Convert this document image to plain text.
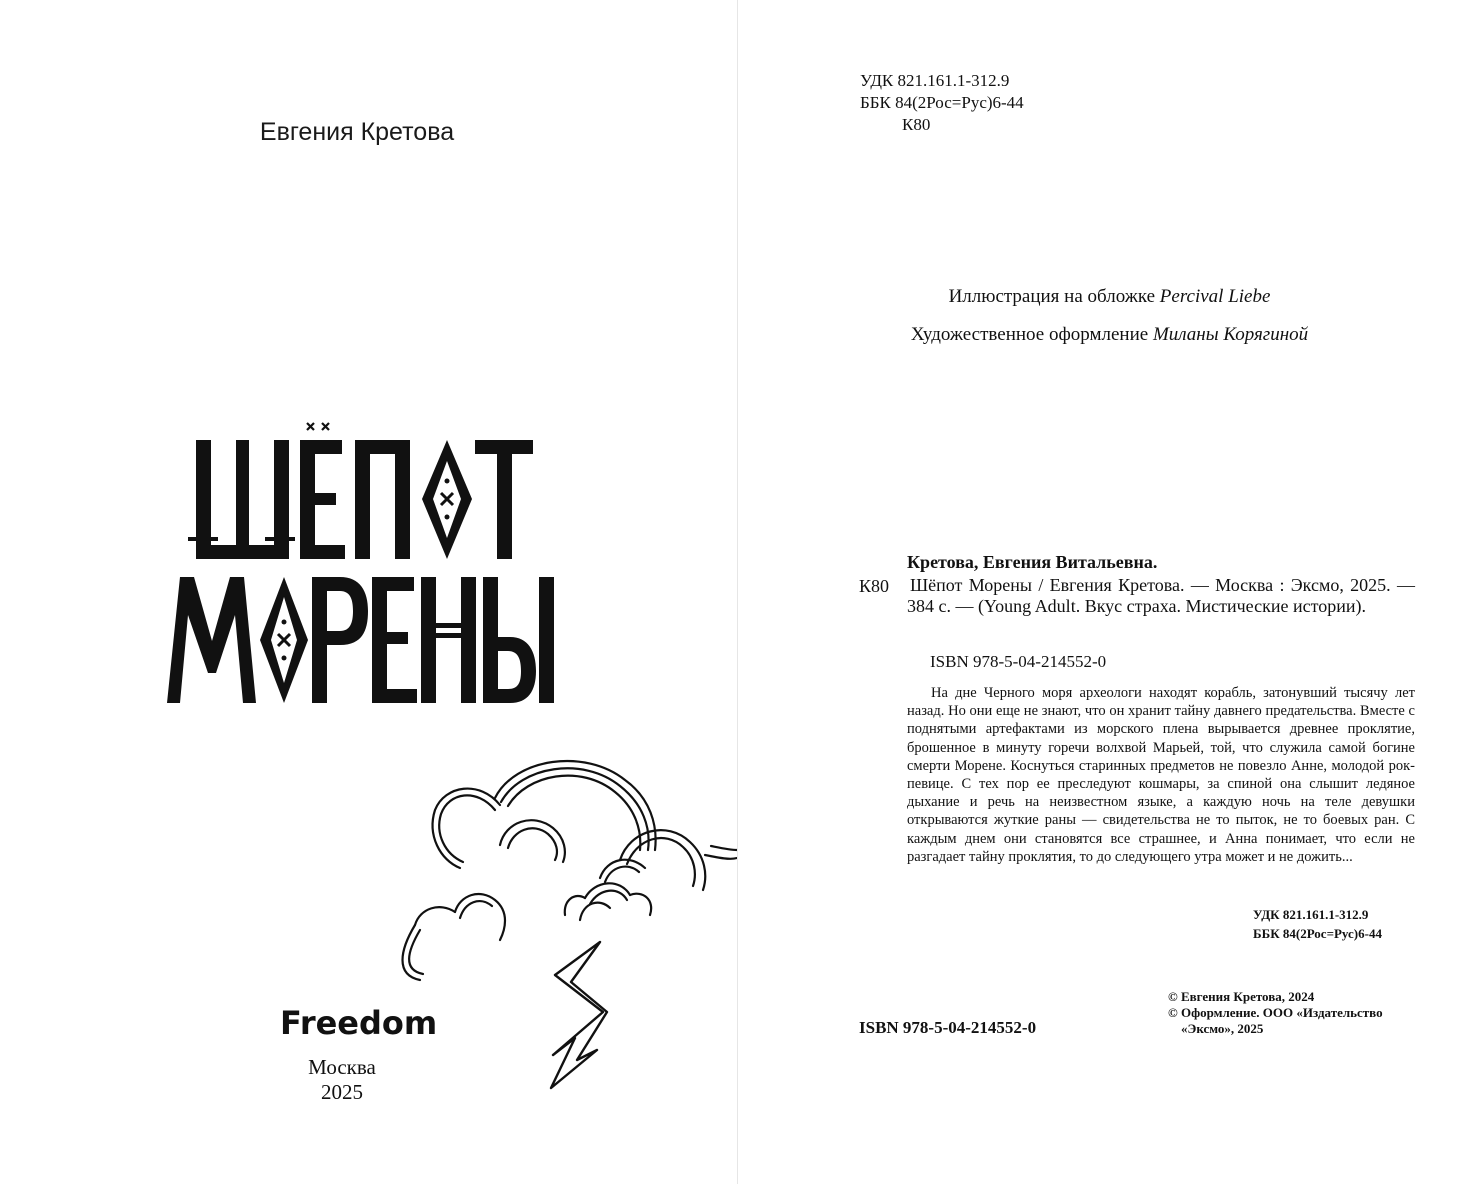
Евгения Кретова

Freedom

Москва

2025

УДК 821.161.1-312.9

ББК 84(2Рос=Рус)6-44

К80

Иллюстрация на обложке Percival Liebe

Художественное оформление Миланы Корягиной

Кретова, Евгения Витальевна.

К80 Шёпот Морены / Евгения Кретова. — Москва : Эксмо, 2025. — 384 с. — (Young Adult. Вкус страха. Мистические истории).

ISBN 978-5-04-214552-0

На дне Черного моря археологи находят корабль, затонувший тысячу лет назад. Но они еще не знают, что он хранит тайну давнего предательства. Вместе с поднятыми артефактами из морского плена вырывается древнее проклятие, брошенное в минуту горечи волхвой Марьей, той, что служила самой богине смерти Морене. Коснуться старинных предметов не повезло Анне, молодой рок-певице. С тех пор ее преследуют кошмары, за спиной она слышит ледяное дыхание и речь на неизвестном языке, а каждую ночь на теле девушки открываются жуткие раны — свидетельства не то пыток, не то боевых ран. С каждым днем они становятся все страшнее, и Анна понимает, что если не разгадает тайну проклятия, то до следующего утра может и не дожить...

УДК 821.161.1-312.9

ББК 84(2Рос=Рус)6-44

ISBN 978-5-04-214552-0

© Евгения Кретова, 2024

© Оформление. ООО «Издательство

«Эксмо», 2025
